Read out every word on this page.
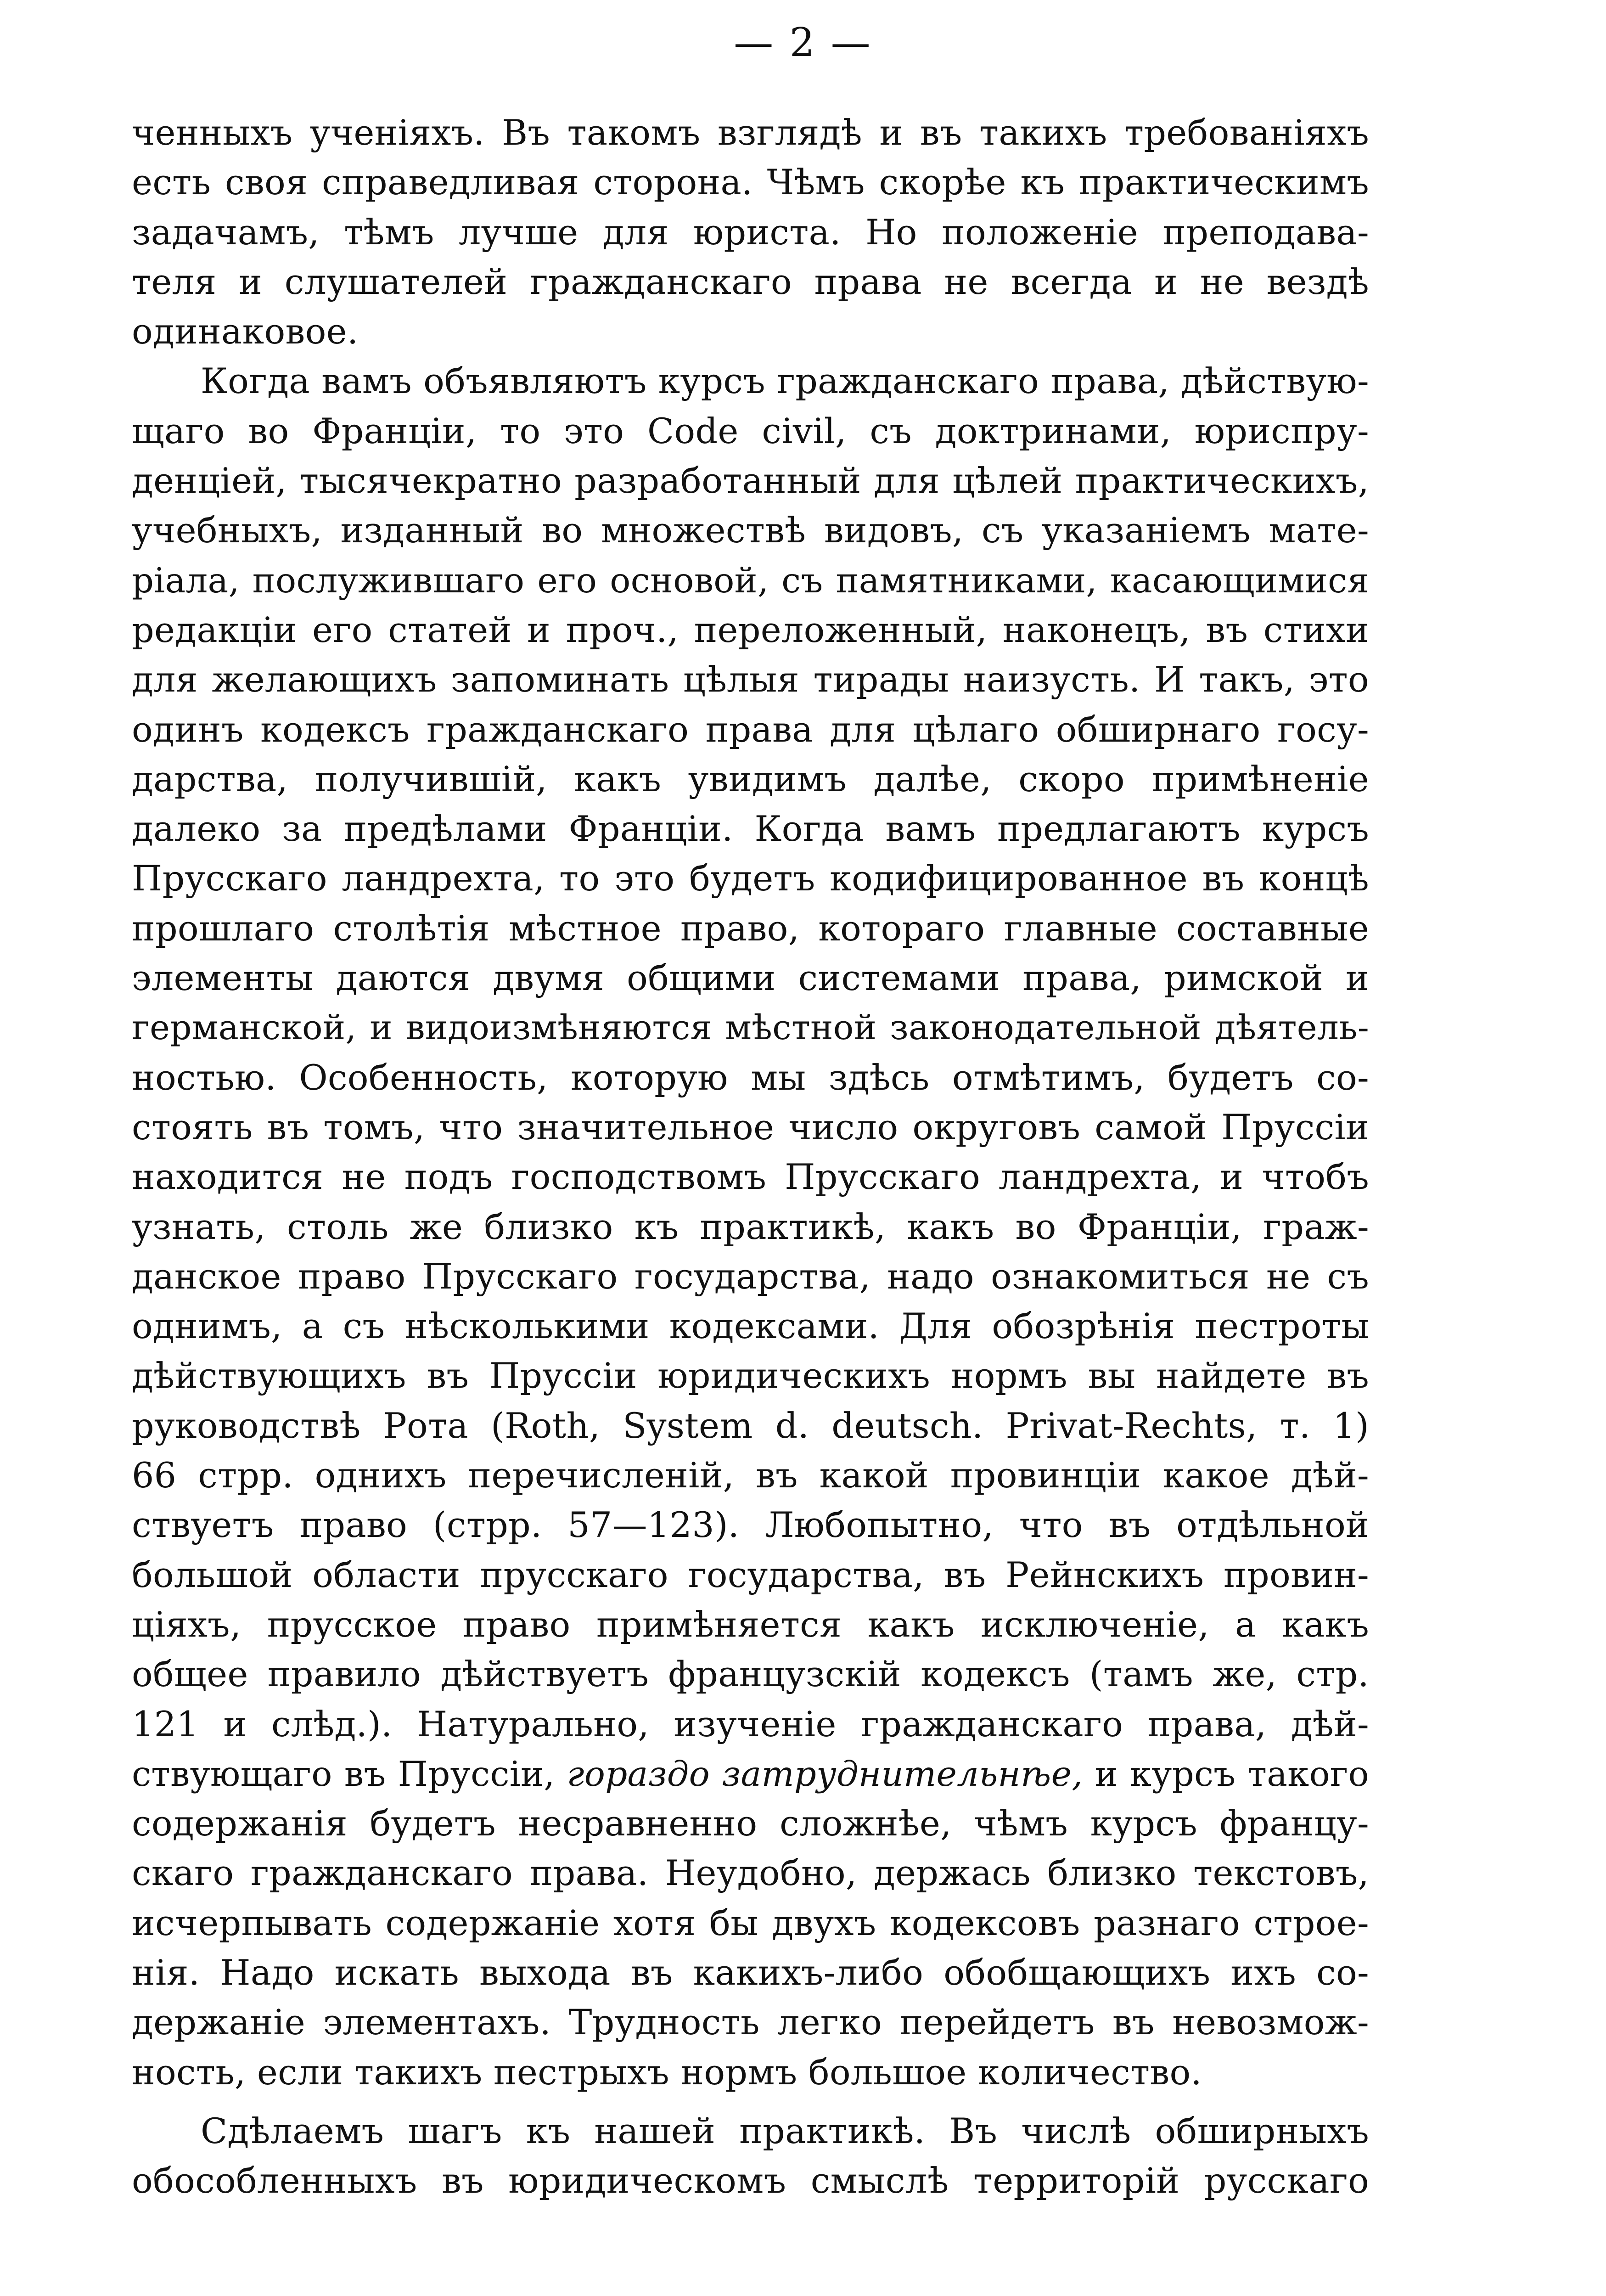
— 2 —
ченныхъ ученіяхъ. Въ такомъ взглядѣ и въ такихъ требованіяхъ
есть своя справедливая сторона. Чѣмъ скорѣе къ практическимъ
задачамъ, тѣмъ лучше для юриста. Но положеніе преподава-
теля и слушателей гражданскаго права не всегда и не вездѣ
одинаковое.
Когда вамъ объявляютъ курсъ гражданскаго права, дѣйствую-
щаго во Франціи, то это Code civil, съ доктринами, юриспру-
денціей, тысячекратно разработанный для цѣлей практическихъ,
учебныхъ, изданный во множествѣ видовъ, съ указаніемъ мате-
ріала, послужившаго его основой, съ памятниками, касающимися
редакціи его статей и проч., переложенный, наконецъ, въ стихи
для желающихъ запоминать цѣлыя тирады наизусть. И такъ, это
одинъ кодексъ гражданскаго права для цѣлаго обширнаго госу-
дарства, получившій, какъ увидимъ далѣе, скоро примѣненіе
далеко за предѣлами Франціи. Когда вамъ предлагаютъ курсъ
Прусскаго ландрехта, то это будетъ кодифицированное въ концѣ
прошлаго столѣтія мѣстное право, котораго главные составные
элементы даются двумя общими системами права, римской и
германской, и видоизмѣняются мѣстной законодательной дѣятель-
ностью. Особенность, которую мы здѣсь отмѣтимъ, будетъ со-
стоять въ томъ, что значительное число округовъ самой Пруссіи
находится не подъ господствомъ Прусскаго ландрехта, и чтобъ
узнать, столь же близко къ практикѣ, какъ во Франціи, граж-
данское право Прусскаго государства, надо ознакомиться не съ
однимъ, а съ нѣсколькими кодексами. Для обозрѣнія пестроты
дѣйствующихъ въ Пруссіи юридическихъ нормъ вы найдете въ
руководствѣ Рота (Roth, System d. deutsch. Privat-Rechts, т. 1)
66 стрр. однихъ перечисленій, въ какой провинціи какое дѣй-
ствуетъ право (стрр. 57—123). Любопытно, что въ отдѣльной
большой области прусскаго государства, въ Рейнскихъ провин-
ціяхъ, прусское право примѣняется какъ исключеніе, а какъ
общее правило дѣйствуетъ французскій кодексъ (тамъ же, стр.
121 и слѣд.). Натурально, изученіе гражданскаго права, дѣй-
ствующаго въ Пруссіи, гораздо затруднительнѣе, и курсъ такого
содержанія будетъ несравненно сложнѣе, чѣмъ курсъ францу-
скаго гражданскаго права. Неудобно, держась близко текстовъ,
исчерпывать содержаніе хотя бы двухъ кодексовъ разнаго строе-
нія. Надо искать выхода въ какихъ-либо обобщающихъ ихъ со-
держаніе элементахъ. Трудность легко перейдетъ въ невозмож-
ность, если такихъ пестрыхъ нормъ большое количество.
Сдѣлаемъ шагъ къ нашей практикѣ. Въ числѣ обширныхъ
обособленныхъ въ юридическомъ смыслѣ территорій русскаго
